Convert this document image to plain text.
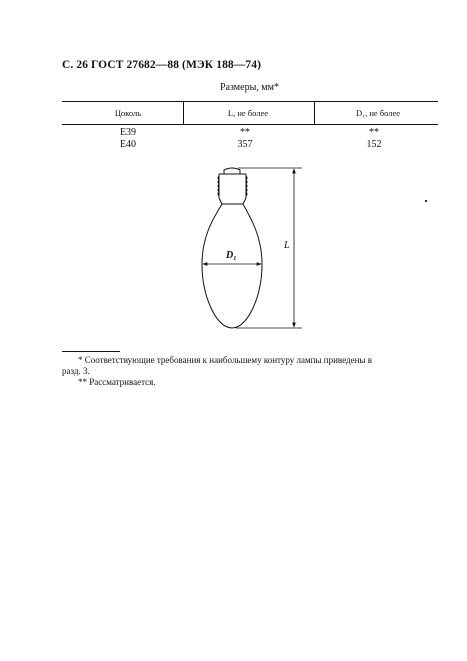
С. 26 ГОСТ 27682—88 (МЭК 188—74)
Размеры, мм*
Цоколь	L, не более	D₁, не более
Е39	**	**
Е40	357	152
D₁
L
* Соответствующие требования к наибольшему контуру лампы приведены в
разд. 3.
** Рассматривается.
